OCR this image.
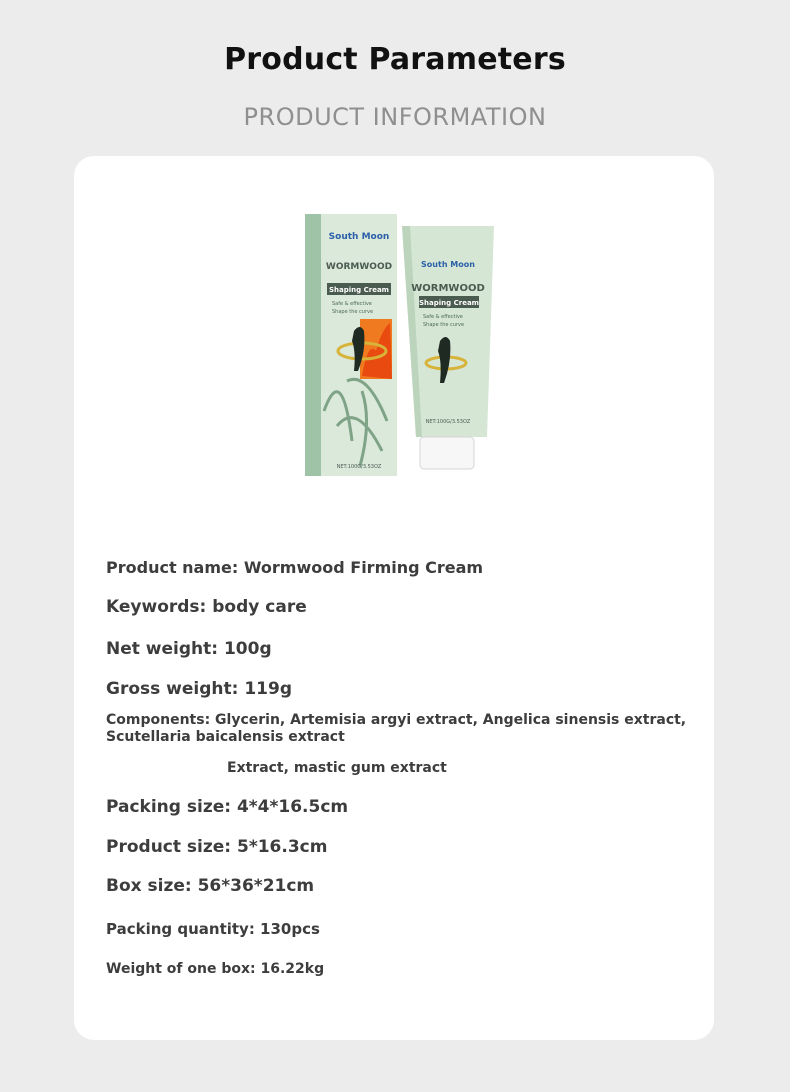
Product Parameters
PRODUCT INFORMATION
South Moon
WORMWOOD
Shaping Cream
Safe & effective
Shape the curve
NET:100G/3.53OZ
South Moon
WORMWOOD
Shaping Cream
Safe & effective
Shape the curve
NET:100G/3.53OZ
Product name: Wormwood Firming Cream
Keywords: body care
Net weight: 100g
Gross weight: 119g
Components: Glycerin, Artemisia argyi extract, Angelica sinensis extract, Scutellaria baicalensis extract
Extract, mastic gum extract
Packing size: 4*4*16.5cm
Product size: 5*16.3cm
Box size: 56*36*21cm
Packing quantity: 130pcs
Weight of one box: 16.22kg
